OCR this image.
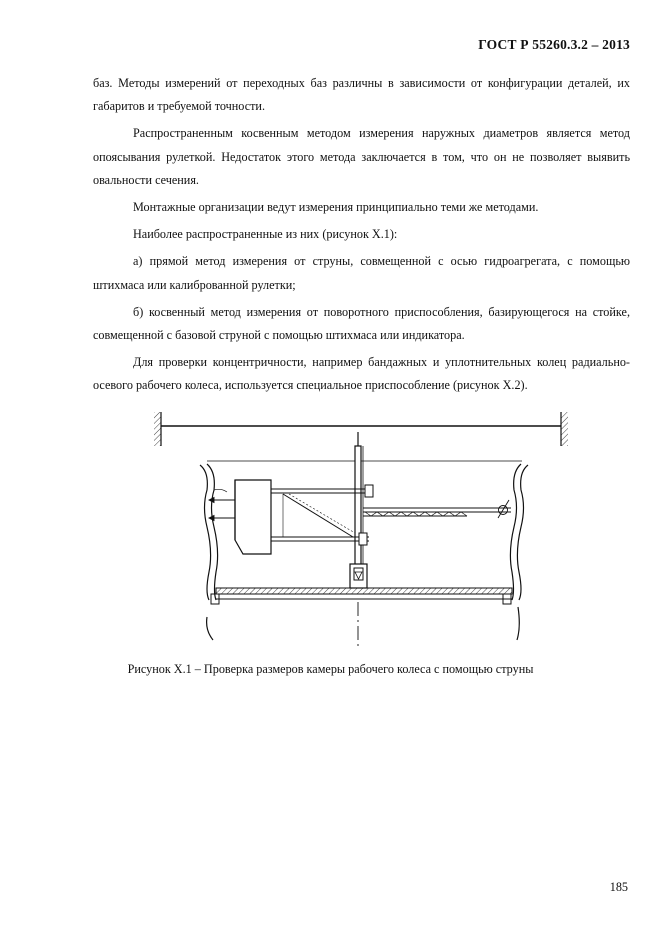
ГОСТ Р 55260.3.2 – 2013

баз. Методы измерений от переходных баз различны в зависимости от конфигурации деталей, их габаритов и требуемой точности.

Распространенным косвенным методом измерения наружных диаметров является метод опоясывания рулеткой. Недостаток этого метода заключается в том, что он не позволяет выявить овальности сечения.

Монтажные организации ведут измерения принципиально теми же методами.

Наиболее распространенные из них (рисунок Х.1):

а) прямой метод измерения от струны, совмещенной с осью гидроагрегата, с помощью штихмаса или калиброванной рулетки;

б) косвенный метод измерения от поворотного приспособления, базирующегося на стойке, совмещенной с базовой струной с помощью штихмаса или индикатора.

Для проверки концентричности, например бандажных и уплотнительных колец радиально-осевого рабочего колеса, используется специальное приспособление (рисунок Х.2).

Рисунок Х.1 – Проверка размеров камеры рабочего колеса с помощью струны
185
